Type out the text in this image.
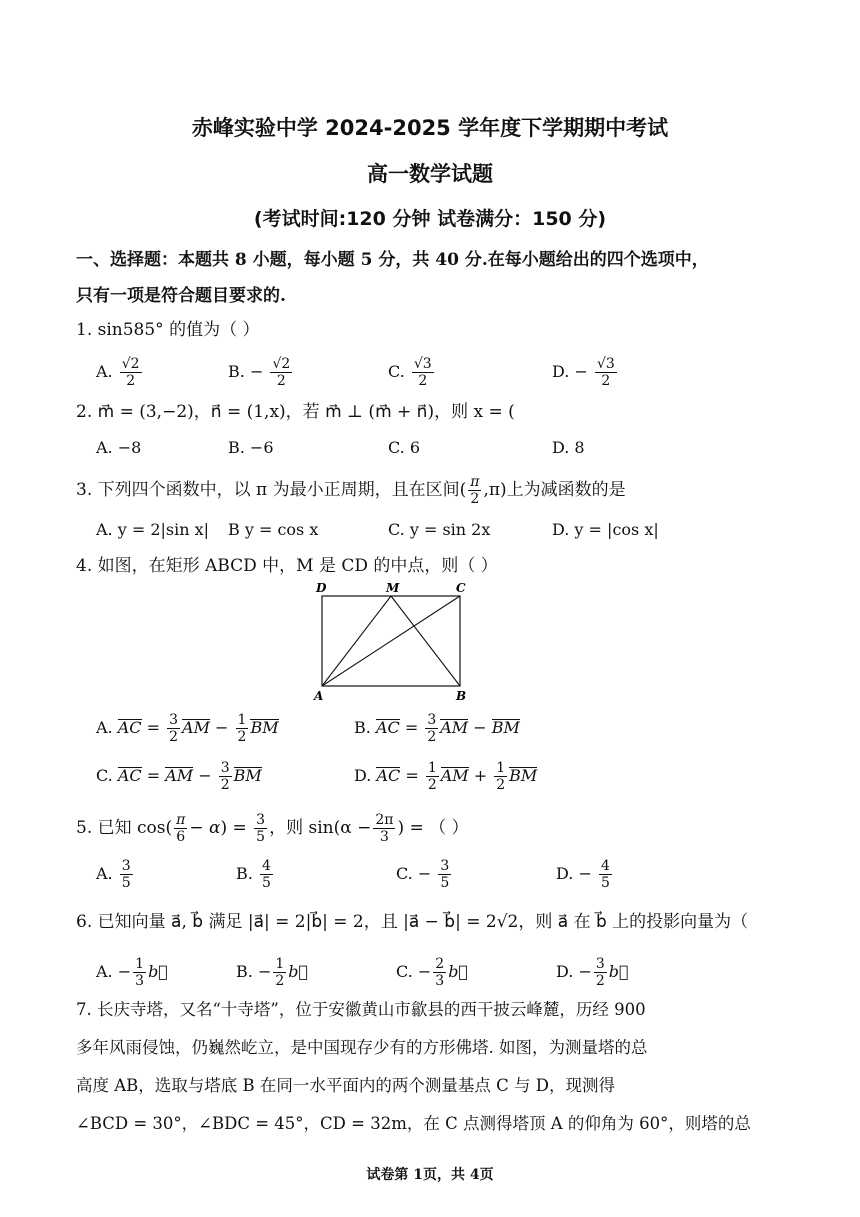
赤峰实验中学 2024-2025 学年度下学期期中考试
高一数学试题
(考试时间:120 分钟 试卷满分：150 分)
一、选择题：本题共 8 小题，每小题 5 分，共 40 分.在每小题给出的四个选项中，
只有一项是符合题目要求的.
1. sin585° 的值为（ ）
A. $\frac{√2}{2}$	B. − $\frac{√2}{2}$	C. $\frac{√3}{2}$	D. − $\frac{√3}{2}$
2. m⃗ = (3,−2)，n⃗ = (1,x)，若 m⃗ ⊥ (m⃗ + n⃗)，则 x = (
A. −8	B. −6	C. 6	D. 8
3. 下列四个函数中，以 π 为最小正周期，且在区间( $\frac{\pi}{2} ,\pi$)上为减函数的是
A. y = 2|sin x| B y = cos x	C. y = sin 2x	D. y = |cos x|
4. 如图，在矩形 ABCD 中，M 是 CD 的中点，则（ ）
D	M	C
A	B
A. AC = $\frac{3}{2}$ AM − $\frac{1}{2}$ BM	B. AC = $\frac{3}{2}$ AM − BM
C. AC = AM − $\frac{3}{2}$ BM	D. AC = $\frac{1}{2}$ AM + $\frac{1}{2}$ BM
5. 已知 $\cos( \frac{\pi}{6} - \alpha) = \frac{3}{5}$ ，则 $\sin(\alpha - \frac{2\pi}{3}$ ) = （ ）
A. $\frac{3}{5}$	B. $\frac{4}{5}$	C. − $\frac{3}{5}$	D. − $\frac{4}{5}$
6. 已知向量 a⃗, b⃗ 满足 |a⃗| = 2|b⃗| = 2，且 |a⃗ − b⃗| = 2√2，则 a⃗ 在 b⃗ 上的投影向量为（
A. − $\frac{1}{3}$ b⃗	B. − $\frac{1}{2}$ b⃗	C. − $\frac{2}{3}$ b⃗	D. − $\frac{3}{2}$ b⃗
7. 长庆寺塔，又名“十寺塔”，位于安徽黄山市歙县的西干披云峰麓，历经 900
多年风雨侵蚀，仍巍然屹立，是中国现存少有的方形佛塔. 如图，为测量塔的总
高度 AB，选取与塔底 B 在同一水平面内的两个测量基点 C 与 D，现测得
∠BCD = 30°，∠BDC = 45°，CD = 32m，在 C 点测得塔顶 A 的仰角为 60°，则塔的总
试卷第 1页，共 4页
